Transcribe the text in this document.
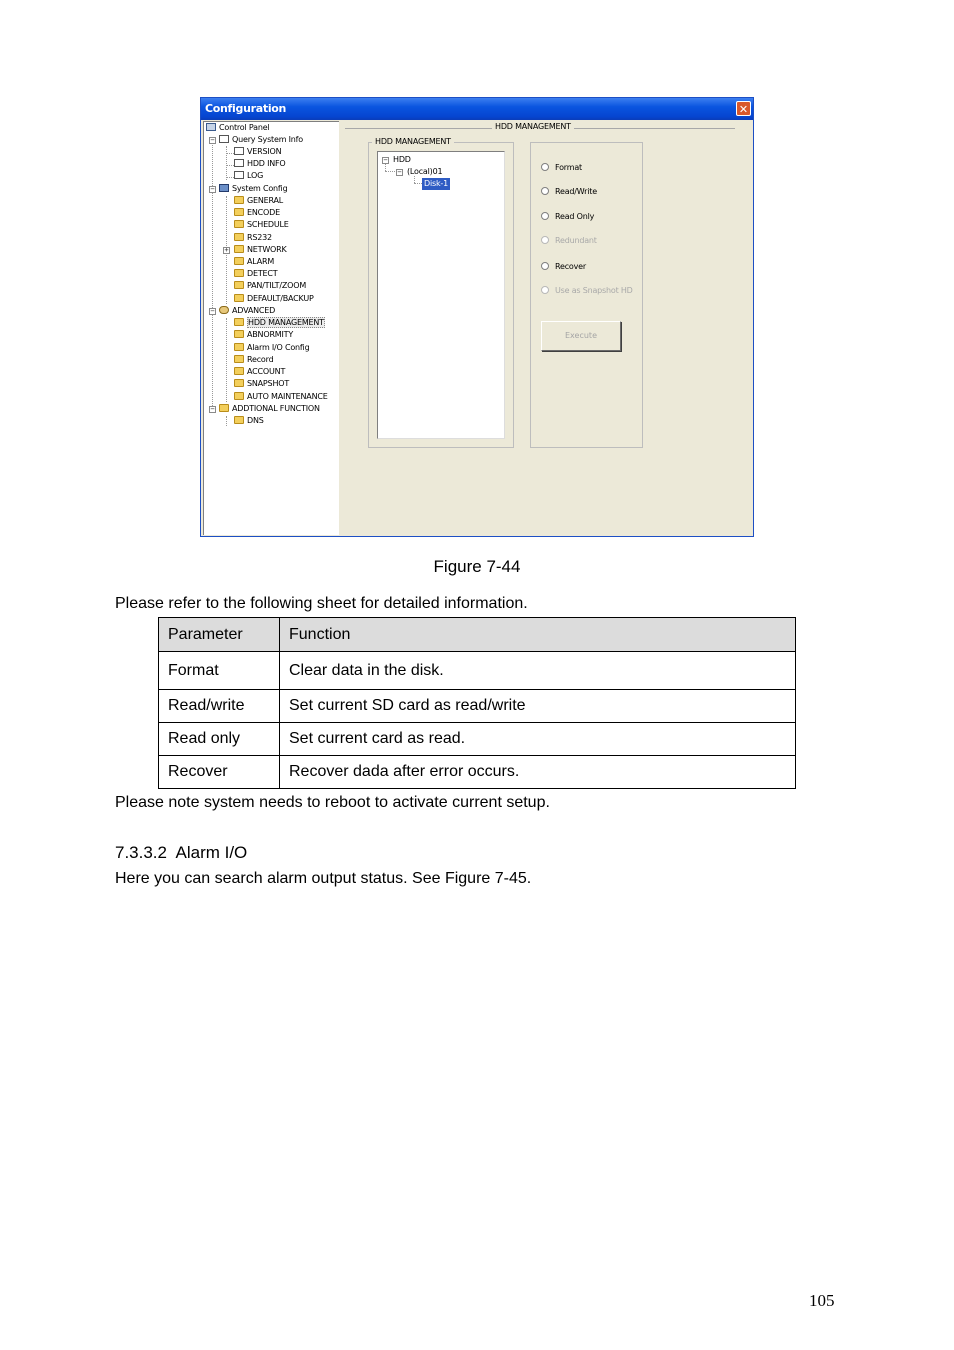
Configuration	✕
Control Panel
−	Query System Info
VERSION
HDD INFO
LOG
−	System Config
GENERAL
ENCODE
SCHEDULE
RS232
+	NETWORK
ALARM
DETECT
PAN/TILT/ZOOM
DEFAULT/BACKUP
−	ADVANCED
HDD MANAGEMENT
ABNORMITY
Alarm I/O Config
Record
ACCOUNT
SNAPSHOT
AUTO MAINTENANCE
−	ADDTIONAL FUNCTION
DNS
HDD MANAGEMENT
HDD MANAGEMENT
− HDD
− (Local)01
Disk-1
Format
Read/Write
Read Only
Redundant
Recover
Use as Snapshot HD
Execute
Figure 7-44
Please refer to the following sheet for detailed information.
Parameter	Function
Format	Clear data in the disk.
Read/write	Set current SD card as read/write
Read only	Set current card as read.
Recover	Recover dada after error occurs.
Please note system needs to reboot to activate current setup.
7.3.3.2  Alarm I/O
Here you can search alarm output status. See Figure 7-45.
105
